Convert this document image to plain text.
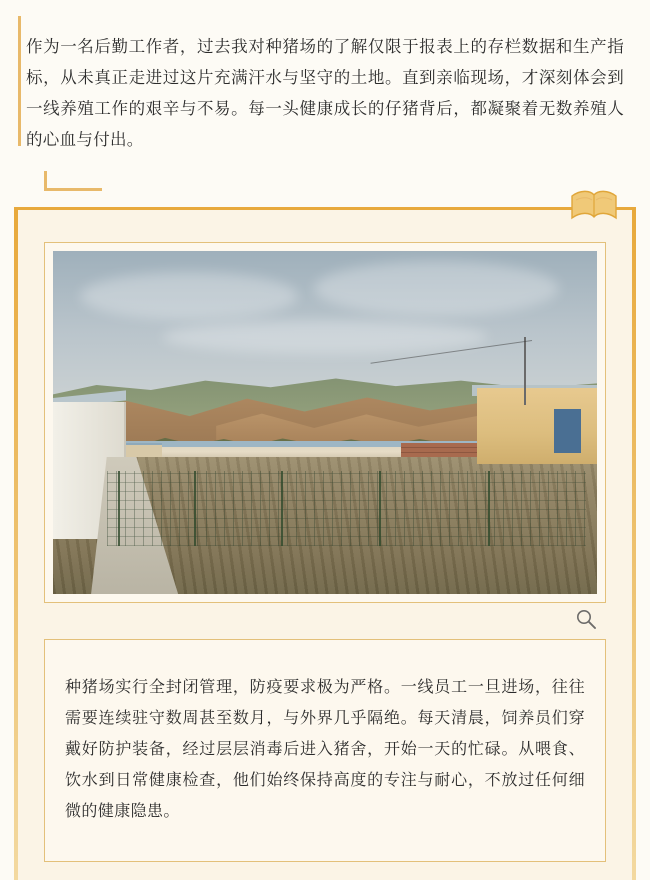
作为一名后勤工作者，过去我对种猪场的了解仅限于报表上的存栏数据和生产指标，从未真正走进过这片充满汗水与坚守的土地。直到亲临现场，才深刻体会到一线养殖工作的艰辛与不易。每一头健康成长的仔猪背后，都凝聚着无数养殖人的心血与付出。

种猪场实行全封闭管理，防疫要求极为严格。一线员工一旦进场，往往需要连续驻守数周甚至数月，与外界几乎隔绝。每天清晨，饲养员们穿戴好防护装备，经过层层消毒后进入猪舍，开始一天的忙碌。从喂食、饮水到日常健康检查，他们始终保持高度的专注与耐心，不放过任何细微的健康隐患。
